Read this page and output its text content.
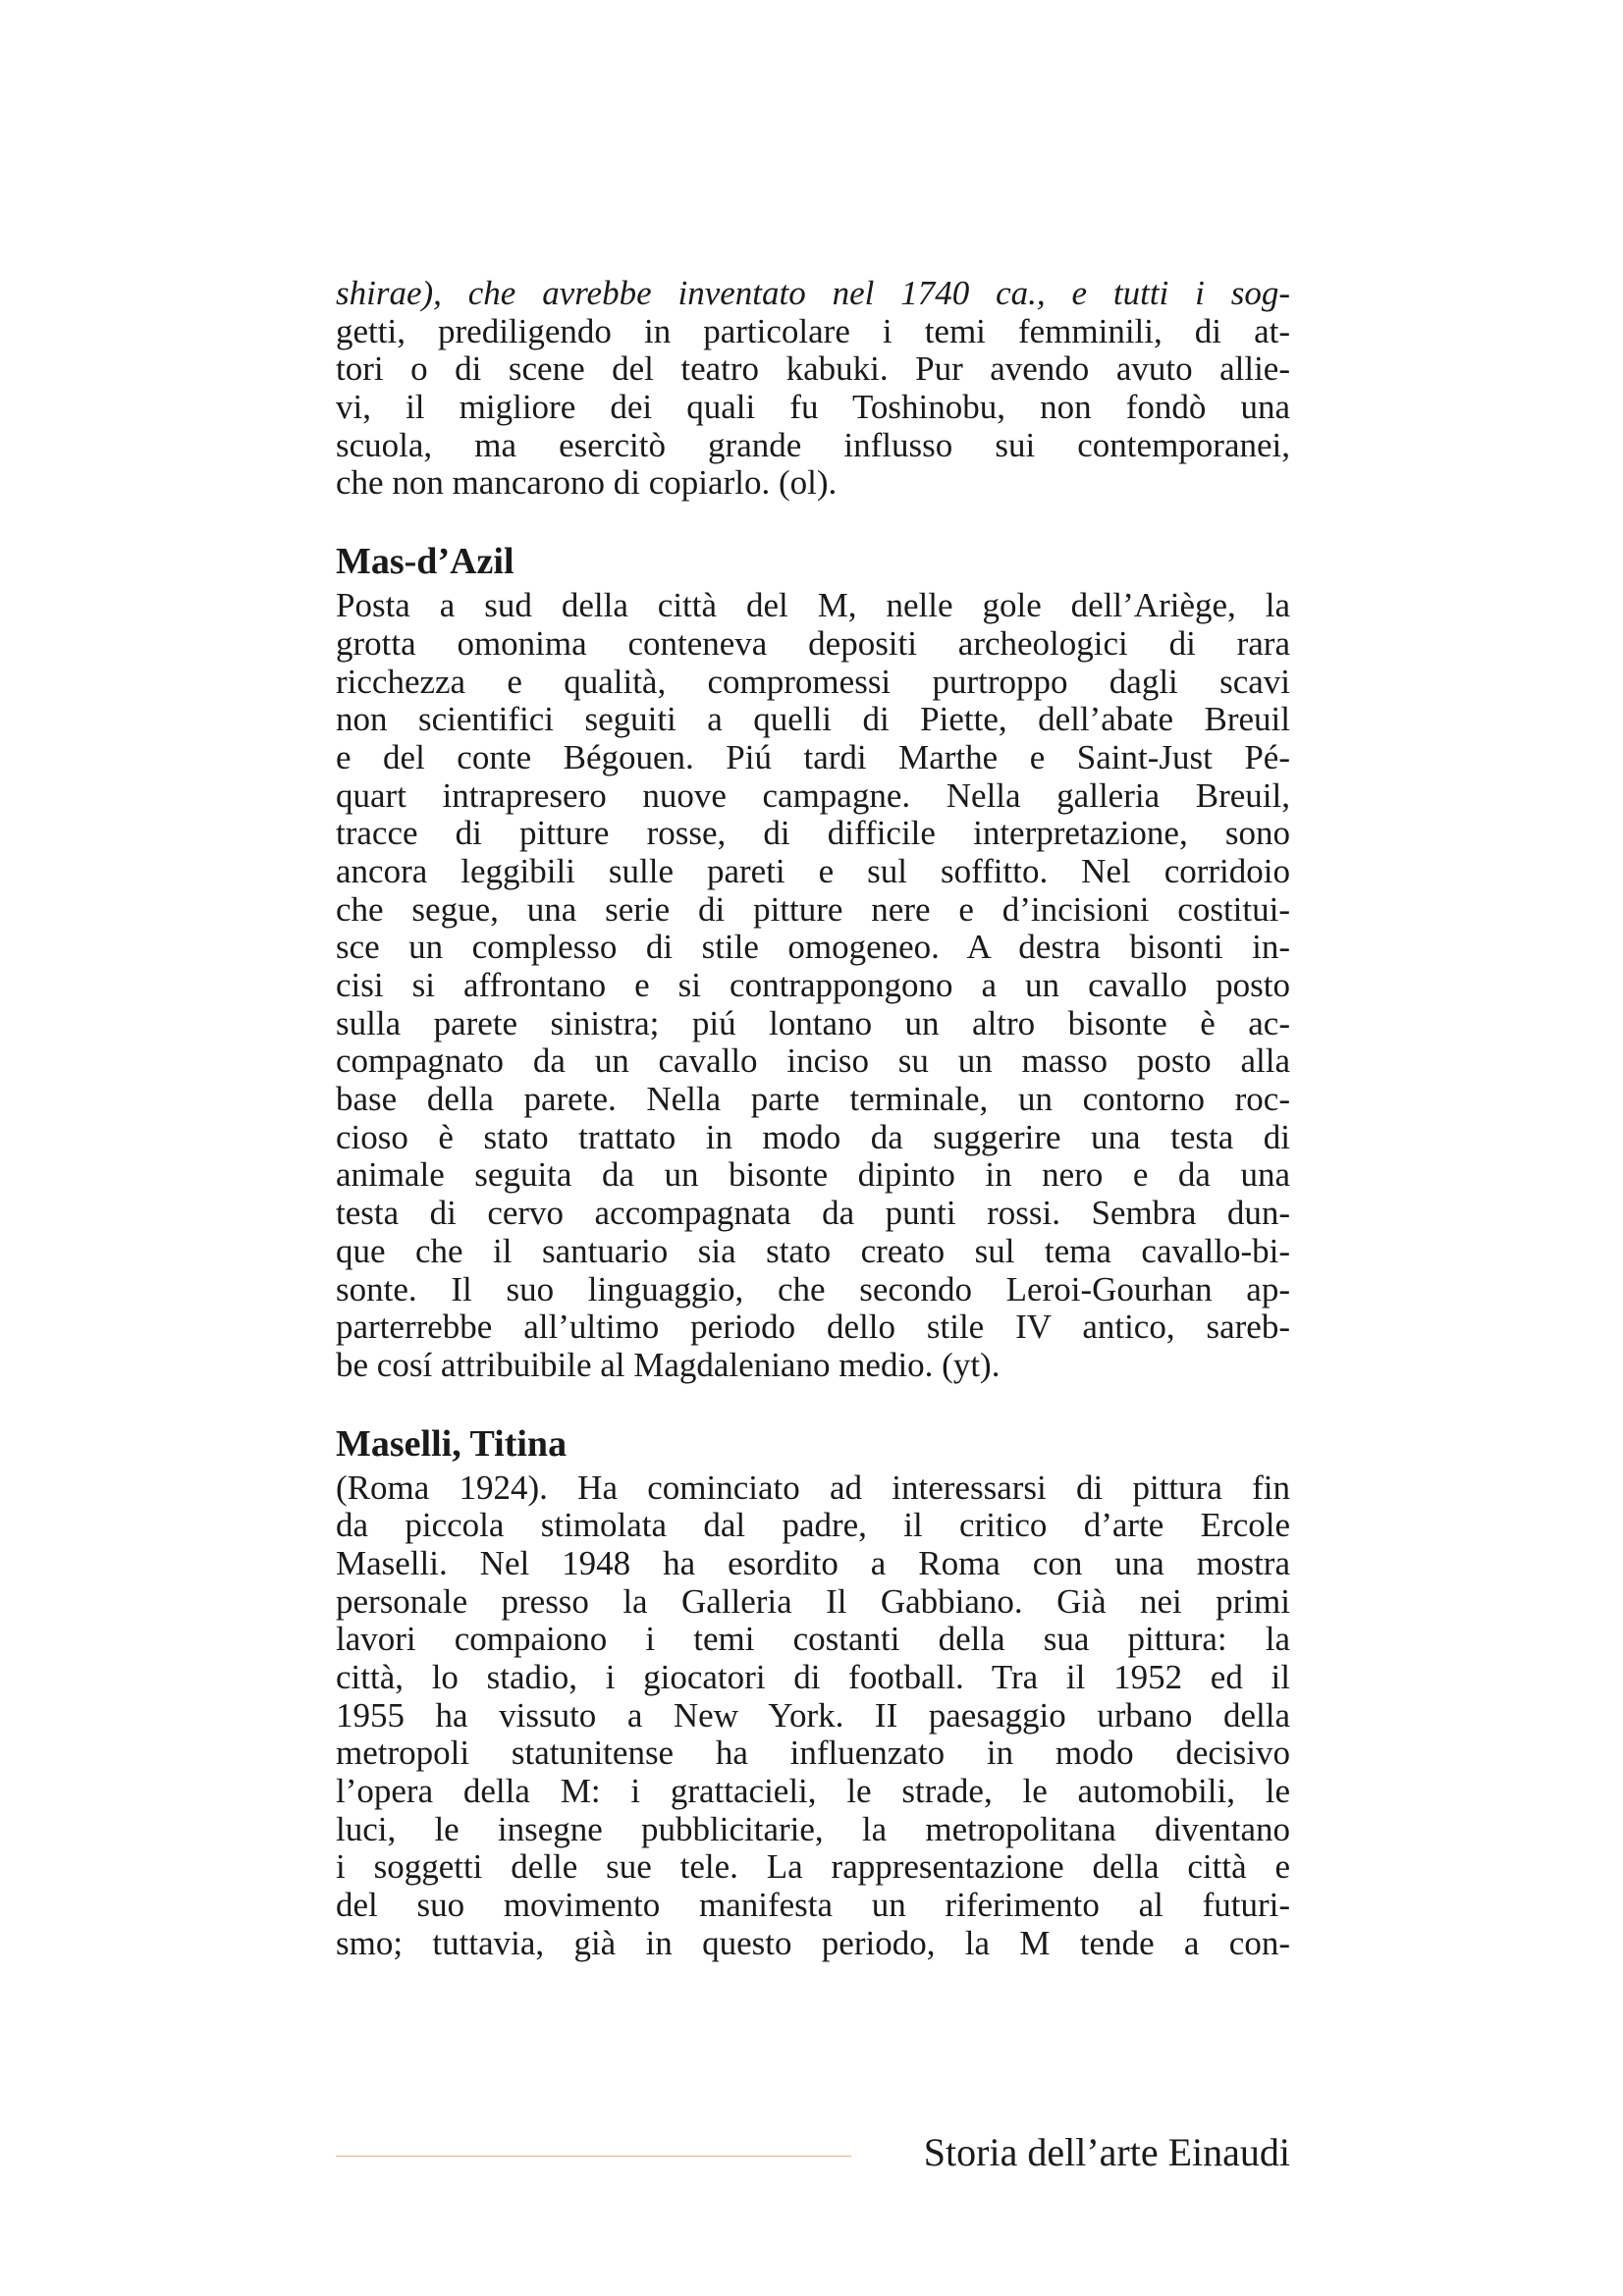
shirae), che avrebbe inventato nel 1740 ca., e tutti i sog-
getti, prediligendo in particolare i temi femminili, di at-
tori o di scene del teatro kabuki. Pur avendo avuto allie-
vi, il migliore dei quali fu Toshinobu, non fondò una
scuola, ma esercitò grande influsso sui contemporanei,
che non mancarono di copiarlo. (ol).
Mas-d’Azil
Posta a sud della città del M, nelle gole dell’Ariège, la
grotta omonima conteneva depositi archeologici di rara
ricchezza e qualità, compromessi purtroppo dagli scavi
non scientifici seguiti a quelli di Piette, dell’abate Breuil
e del conte Bégouen. Piú tardi Marthe e Saint-Just Pé-
quart intrapresero nuove campagne. Nella galleria Breuil,
tracce di pitture rosse, di difficile interpretazione, sono
ancora leggibili sulle pareti e sul soffitto. Nel corridoio
che segue, una serie di pitture nere e d’incisioni costitui-
sce un complesso di stile omogeneo. A destra bisonti in-
cisi si affrontano e si contrappongono a un cavallo posto
sulla parete sinistra; piú lontano un altro bisonte è ac-
compagnato da un cavallo inciso su un masso posto alla
base della parete. Nella parte terminale, un contorno roc-
cioso è stato trattato in modo da suggerire una testa di
animale seguita da un bisonte dipinto in nero e da una
testa di cervo accompagnata da punti rossi. Sembra dun-
que che il santuario sia stato creato sul tema cavallo-bi-
sonte. Il suo linguaggio, che secondo Leroi-Gourhan ap-
parterrebbe all’ultimo periodo dello stile IV antico, sareb-
be cosí attribuibile al Magdaleniano medio. (yt).
Maselli, Titina
(Roma 1924). Ha cominciato ad interessarsi di pittura fin
da piccola stimolata dal padre, il critico d’arte Ercole
Maselli. Nel 1948 ha esordito a Roma con una mostra
personale presso la Galleria Il Gabbiano. Già nei primi
lavori compaiono i temi costanti della sua pittura: la
città, lo stadio, i giocatori di football. Tra il 1952 ed il
1955 ha vissuto a New York. II paesaggio urbano della
metropoli statunitense ha influenzato in modo decisivo
l’opera della M: i grattacieli, le strade, le automobili, le
luci, le insegne pubblicitarie, la metropolitana diventano
i soggetti delle sue tele. La rappresentazione della città e
del suo movimento manifesta un riferimento al futuri-
smo; tuttavia, già in questo periodo, la M tende a con-
Storia dell’arte Einaudi
